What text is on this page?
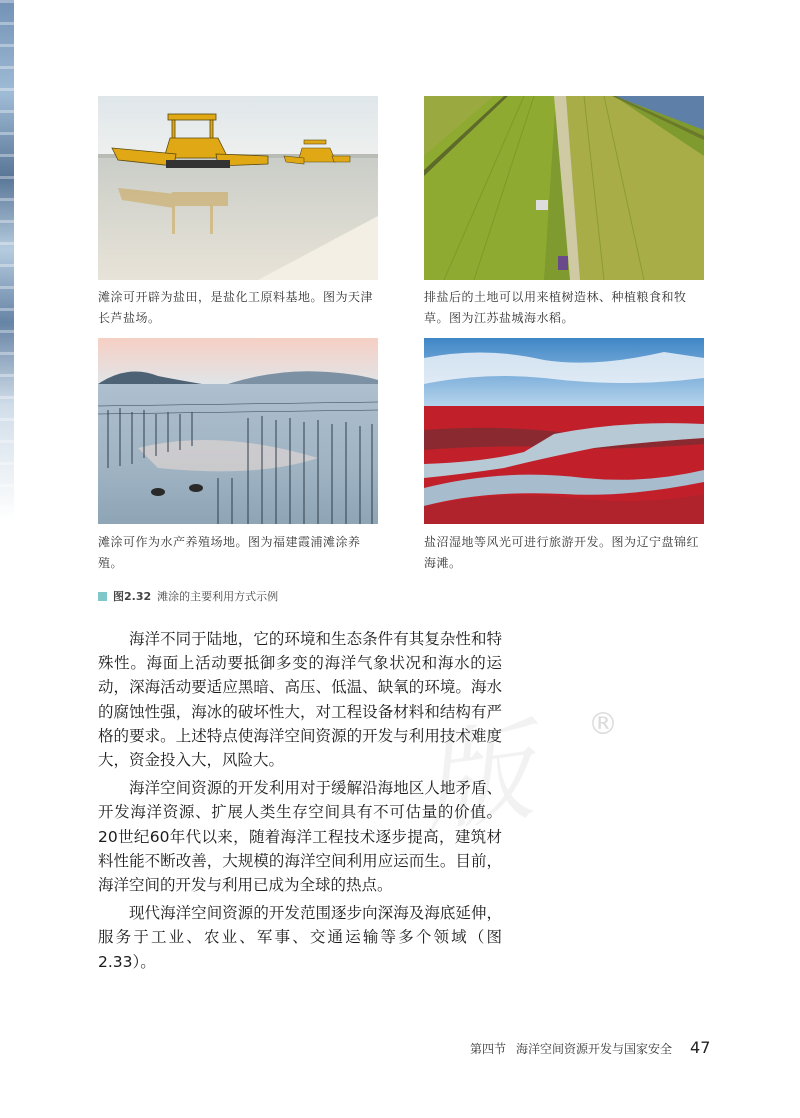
滩涂可开辟为盐田，是盐化工原料基地。图为天津长芦盐场。
排盐后的土地可以用来植树造林、种植粮食和牧草。图为江苏盐城海水稻。
滩涂可作为水产养殖场地。图为福建霞浦滩涂养殖。
盐沼湿地等风光可进行旅游开发。图为辽宁盘锦红海滩。
图2.32 滩涂的主要利用方式示例
版 ®

海洋不同于陆地，它的环境和生态条件有其复杂性和特殊性。海面上活动要抵御多变的海洋气象状况和海水的运动，深海活动要适应黑暗、高压、低温、缺氧的环境。海水的腐蚀性强，海冰的破坏性大，对工程设备材料和结构有严格的要求。上述特点使海洋空间资源的开发与利用技术难度大，资金投入大，风险大。

海洋空间资源的开发利用对于缓解沿海地区人地矛盾、开发海洋资源、扩展人类生存空间具有不可估量的价值。20世纪60年代以来，随着海洋工程技术逐步提高，建筑材料性能不断改善，大规模的海洋空间利用应运而生。目前，海洋空间的开发与利用已成为全球的热点。

现代海洋空间资源的开发范围逐步向深海及海底延伸，服务于工业、农业、军事、交通运输等多个领域（图2.33）。

第四节 海洋空间资源开发与国家安全 47
